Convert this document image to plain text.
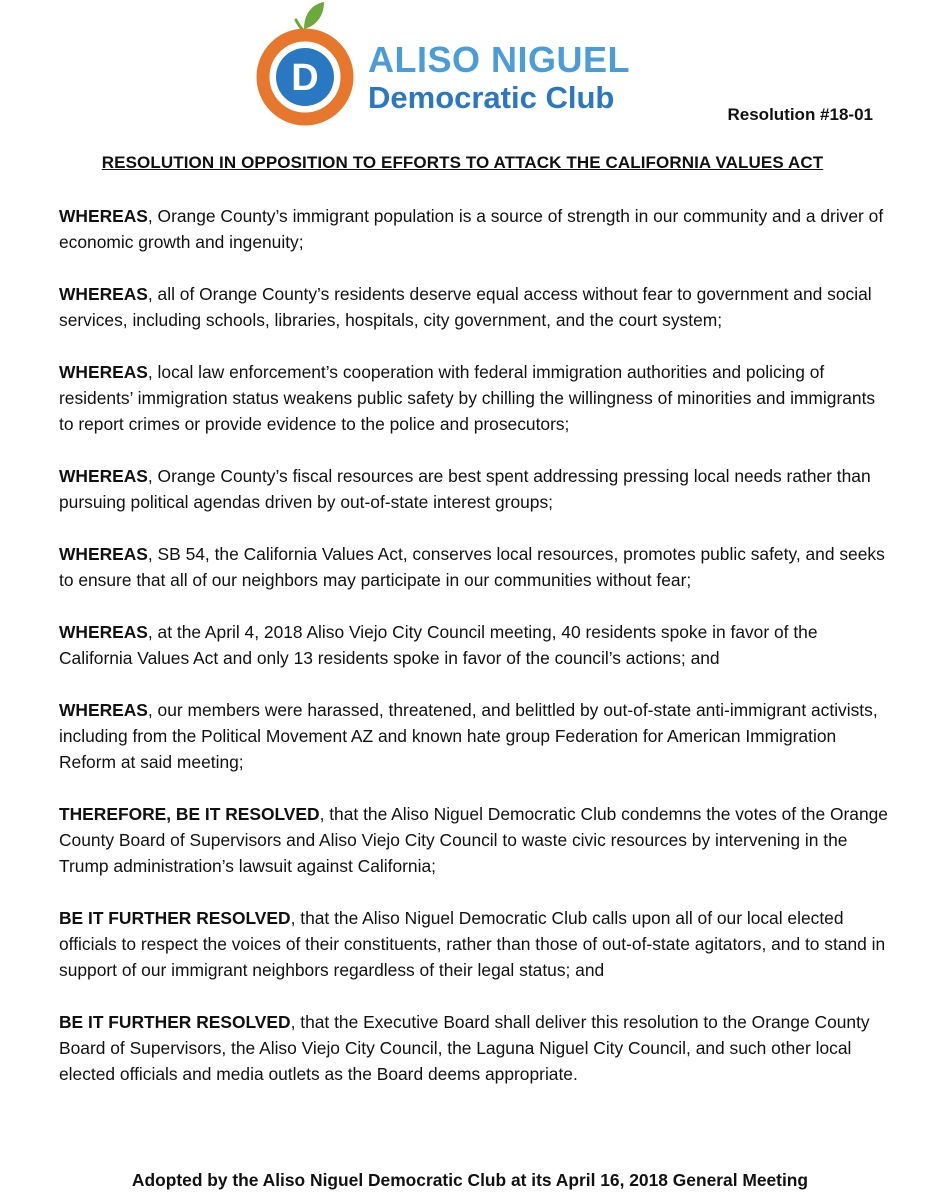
D ALISO NIGUEL
Democratic Club	Resolution #18-01
RESOLUTION IN OPPOSITION TO EFFORTS TO ATTACK THE CALIFORNIA VALUES ACT

WHEREAS, Orange County’s immigrant population is a source of strength in our community and a driver of economic growth and ingenuity;

WHEREAS, all of Orange County’s residents deserve equal access without fear to government and social services, including schools, libraries, hospitals, city government, and the court system;

WHEREAS, local law enforcement’s cooperation with federal immigration authorities and policing of residents’ immigration status weakens public safety by chilling the willingness of minorities and immigrants to report crimes or provide evidence to the police and prosecutors;

WHEREAS, Orange County’s fiscal resources are best spent addressing pressing local needs rather than pursuing political agendas driven by out-of-state interest groups;

WHEREAS, SB 54, the California Values Act, conserves local resources, promotes public safety, and seeks to ensure that all of our neighbors may participate in our communities without fear;

WHEREAS, at the April 4, 2018 Aliso Viejo City Council meeting, 40 residents spoke in favor of the California Values Act and only 13 residents spoke in favor of the council’s actions; and

WHEREAS, our members were harassed, threatened, and belittled by out-of-state anti-immigrant activists, including from the Political Movement AZ and known hate group Federation for American Immigration Reform at said meeting;

THEREFORE, BE IT RESOLVED, that the Aliso Niguel Democratic Club condemns the votes of the Orange County Board of Supervisors and Aliso Viejo City Council to waste civic resources by intervening in the Trump administration’s lawsuit against California;

BE IT FURTHER RESOLVED, that the Aliso Niguel Democratic Club calls upon all of our local elected officials to respect the voices of their constituents, rather than those of out-of-state agitators, and to stand in support of our immigrant neighbors regardless of their legal status; and

BE IT FURTHER RESOLVED, that the Executive Board shall deliver this resolution to the Orange County Board of Supervisors, the Aliso Viejo City Council, the Laguna Niguel City Council, and such other local elected officials and media outlets as the Board deems appropriate.

Adopted by the Aliso Niguel Democratic Club at its April 16, 2018 General Meeting
